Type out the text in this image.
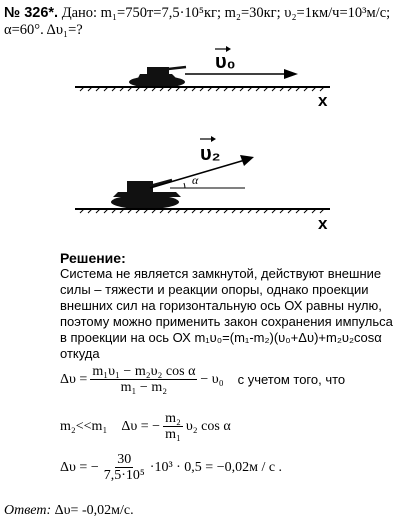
№ 326*. Дано: m₁=750т=7,5·10⁵кг; m₂=30кг; υ₂=1км/ч=10³м/с;
α=60°. Δυ₁=?
υ₀
x
α
υ₂
x
Решение:
Система не является замкнутой, действуют внешние
силы – тяжести и реакции опоры, однако проекции
внешних сил на горизонтальную ось ОХ равны нулю,
поэтому можно применить закон сохранения импульса
в проекции на ось ОХ m₁υ₀=(m₁-m₂)(υ₀+Δυ)+m₂υ₂cosα
откуда
$\Delta\upsilon = \frac{\text{m₁υ₁ − m₂υ₂ cos α}}{\text{m₁ − m₂}} - \upsilon_0$ с учетом того, что
m₂<<m₁ Δυ = − $\frac{\text{m₂}}{\text{m₁}} \upsilon_2$ cos α
Δυ = − $\frac{30}{\text{7,5·10⁵}} \cdot 10^3 \cdot 0,5 = -0,02м / с$ .
Ответ: Δυ= -0,02м/с.
